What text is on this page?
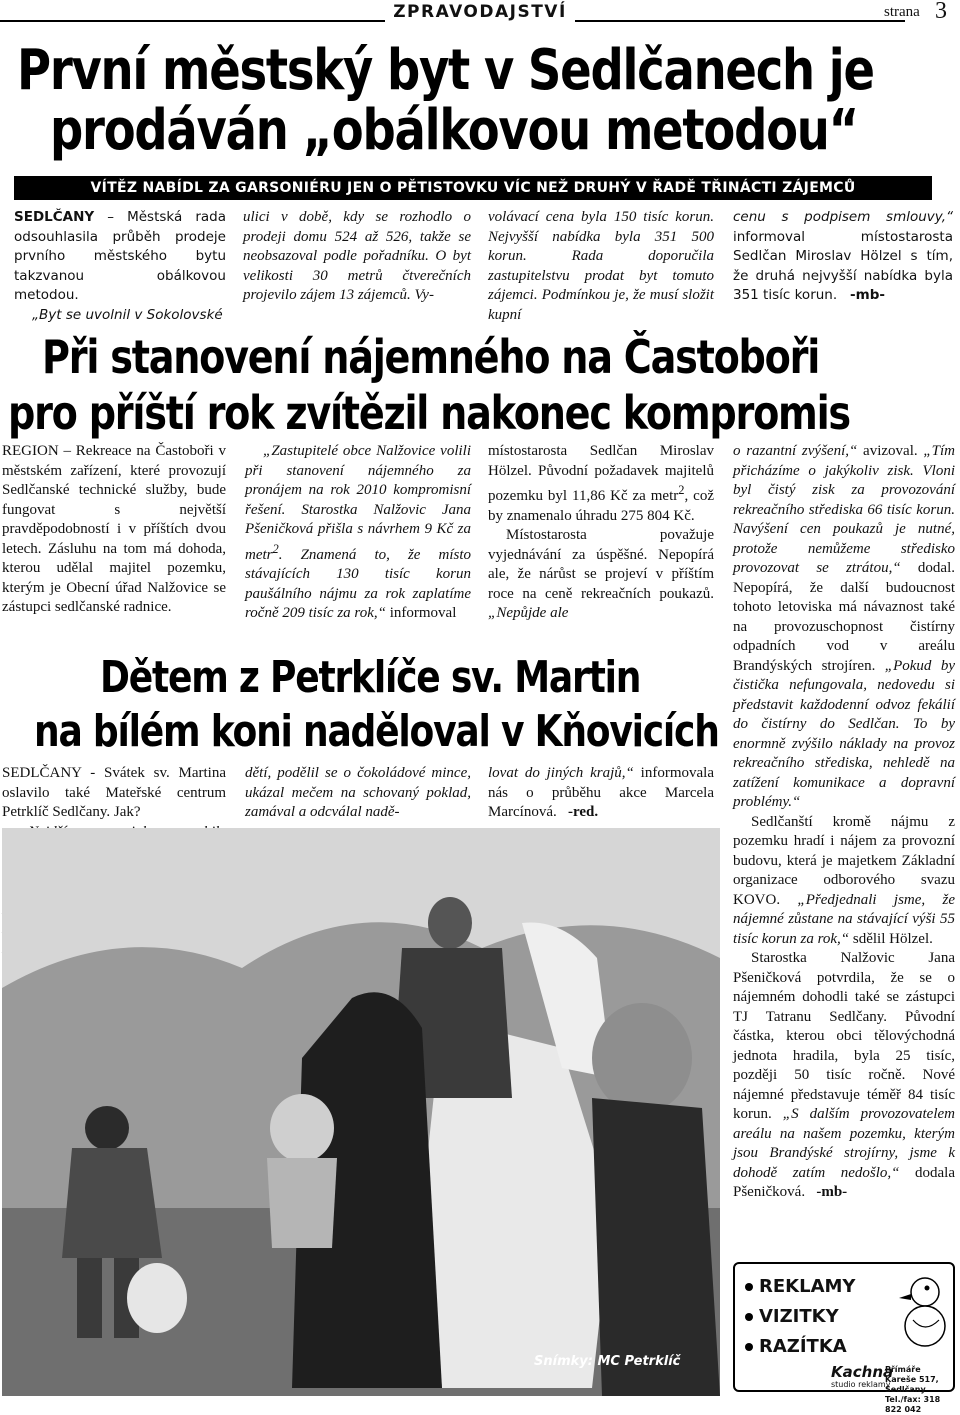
ZPRAVODAJSTVÍ	strana 3
První městský byt v Sedlčanech je
prodáván „obálkovou metodou“
VÍTĚZ NABÍDL ZA GARSONIÉRU JEN O PĚTISTOVKU VÍC NEŽ DRUHÝ V ŘADĚ TŘINÁCTI ZÁJEMCŮ

SEDLČANY – Městská rada odsouhlasila průběh prodeje prvního městského bytu takzvanou obálkovou metodou.

„Byt se uvolnil v Sokolovské

ulici v době, kdy se rozhodlo o prodeji domu 524 až 526, takže se neobsazoval podle pořadníku. O byt velikosti 30 metrů čtverečních projevilo zájem 13 zájemců. Vy-
volávací cena byla 150 tisíc korun. Nejvyšší nabídka byla 351 500 korun. Rada doporučila zastupitelstvu prodat byt tomuto zájemci. Podmínkou je, že musí složit kupní

cenu s podpisem smlouvy,“ informoval místostarosta Sedlčan Miroslav Hölzel s tím, že druhá nejvyšší nabídka byla 351 tisíc korun. -mb-

Při stanovení nájemného na Častoboři
pro příští rok zvítězil nakonec kompromis

REGION – Rekreace na Častoboři v městském zařízení, které provozují Sedlčanské technické služby, bude fungovat s největší pravděpodobností i v příštích dvou letech. Zásluhu na tom má dohoda, kterou udělal majitel pozemku, kterým je Obecní úřad Nalžovice se zástupci sedlčanské radnice.

„Zastupitelé obce Nalžovice volili při stanovení nájemného za pronájem na rok 2010 kompromisní řešení. Starostka Nalžovic Jana Pšeničková přišla s návrhem 9 Kč za metr$^2$. Znamená to, že místo stávajících 130 tisíc korun paušálního nájmu za rok zaplatíme ročně 209 tisíc za rok,“ informoval

místostarosta Sedlčan Miroslav Hölzel. Původní požadavek majitelů pozemku byl 11,86 Kč za metr$^2$, což by znamenalo úhradu 275 804 Kč.

Místostarosta považuje vyjednávání za úspěšné. Nepopírá ale, že nárůst se projeví v příštím roce na ceně rekreačních poukazů. „Nepůjde ale

o razantní zvýšení,“ avizoval. „Tím přicházíme o jakýkoliv zisk. Vloni byl čistý zisk za provozování rekreačního střediska 66 tisíc korun. Navýšení cen poukazů je nutné, protože nemůžeme středisko provozovat se ztrátou,“ dodal. Nepopírá, že další budoucnost tohoto letoviska má návaznost také na provozuschopnost čistírny odpadních vod v areálu Brandýských strojíren. „Pokud by čistička nefungovala, nedovedu si představit každodenní odvoz fekálií do čistírny do Sedlčan. To by enormně zvýšilo náklady na provoz rekreačního střediska, nehledě na zatížení komunikace a dopravní problémy.“

Sedlčanští kromě nájmu z pozemku hradí i nájem za provozní budovu, která je majetkem Základní organizace odborového svazu KOVO. „Předjednali jsme, že nájemné zůstane na stávající výši 55 tisíc korun za rok,“ sdělil Hölzel.

Starostka Nalžovic Jana Pšeničková potvrdila, že se o nájemném dohodli také se zástupci TJ Tatranu Sedlčany. Původní částka, kterou obci tělovýchodná jednota hradila, byla 25 tisíc, později 50 tisíc ročně. Nové nájemné představuje téměř 84 tisíc korun. „S dalším provozovatelem areálu na našem pozemku, kterým jsou Brandýské strojírny, jsme k dohodě zatím nedošlo,“ dodala Pšeničková. -mb-

Dětem z Petrklíče sv. Martin
na bílém koni naděloval v Kňovicích

SEDLČANY - Svátek sv. Martina oslavilo také Mateřské centrum Petrklíč Sedlčany. Jak?

dětí, podělil se o čokoládové mince, ukázal mečem na schovaný poklad, zamával a odcválal nadě-

lovat do jiných krajů,“ informovala nás o průběhu akce Marcela Marcínová. -red.

Snímky: MC Petrklíč
REKLAMY
VIZITKY
RAZÍTKA
Kachna
studio reklamy
Přímáře Kareše 517, Sedlčany
Tel./fax: 318 822 042
